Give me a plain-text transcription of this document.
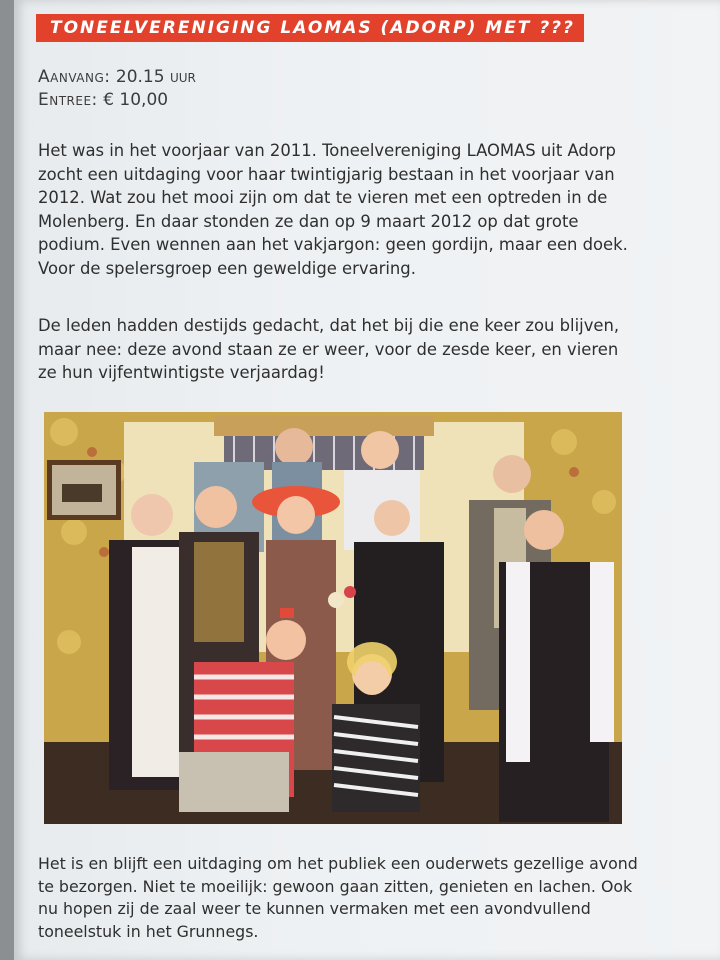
TONEELVERENIGING LAOMAS (ADORP) MET ???
Aanvang: 20.15 uur
Entree: € 10,00

Het was in het voorjaar van 2011. Toneelvereniging LAOMAS uit Adorp zocht een uitdaging voor haar twintigjarig bestaan in het voorjaar van 2012. Wat zou het mooi zijn om dat te vieren met een optreden in de Molenberg. En daar stonden ze dan op 9 maart 2012 op dat grote podium. Even wennen aan het vakjargon: geen gordijn, maar een doek. Voor de spelersgroep een geweldige ervaring.

De leden hadden destijds gedacht, dat het bij die ene keer zou blijven, maar nee: deze avond staan ze er weer, voor de zesde keer, en vieren ze hun vijfentwintigste verjaardag!

Het is en blijft een uitdaging om het publiek een ouderwets gezellige avond te bezorgen. Niet te moeilijk: gewoon gaan zitten, genieten en lachen. Ook nu hopen zij de zaal weer te kunnen vermaken met een avondvullend toneelstuk in het Grunnegs.
